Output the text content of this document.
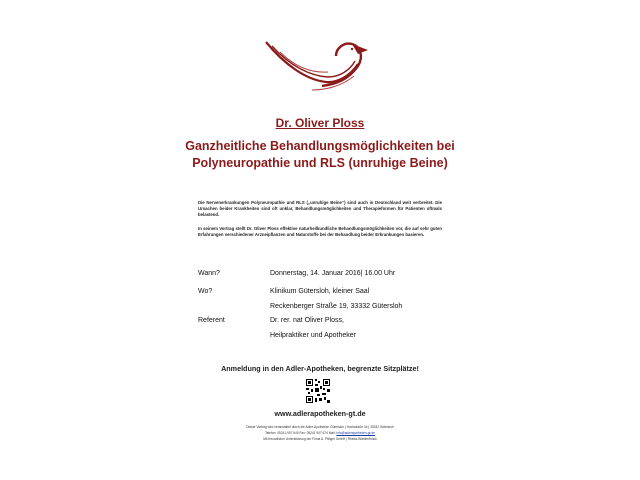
Dr. Oliver Ploss
Ganzheitliche Behandlungsmöglichkeiten bei Polyneuropathie und RLS (unruhige Beine)
Die Nervenerkrankungen Polyneuropathie und RLS („unruhige Beine“) sind auch in Deutschland weit verbreitet. Die Ursachen beider Krankheiten sind oft unklar, Behandlungsmöglichkeiten und Therapieformen für Patienten oftmals belastend.
In seinem Vortrag stellt Dr. Oliver Ploss effektive naturheilkundliche Behandlungsmöglichkeiten vor, die auf sehr guten Erfahrungen verschiedener Arzneipflanzen und Naturstoffe bei der Behandlung beider Erkrankungen basieren.
Wann?	Donnerstag, 14. Januar 2016| 16.00 Uhr
Wo?	Klinikum Gütersloh, kleiner Saal
Reckenberger Straße 19, 33332 Gütersloh
Referent	Dr. rer. nat Oliver Ploss,
Heilpraktiker und Apotheker
Anmeldung in den Adler-Apotheken, begrenzte Sitzplätze!
www.adlerapotheken-gt.de
Dieser Vortrag wird veranstaltet durch die Adler-Apotheken Gütersloh | Hochstraße 44 | 33332 Gütersloh
Telefon: 05241-907 640 Fax: 05241 907 674 Mail: info@adlerapotheken-gt.de
Mit freundlicher Unterstützung der Firma A. Pflüger GmbH | Rheda-Wiedenbrück
